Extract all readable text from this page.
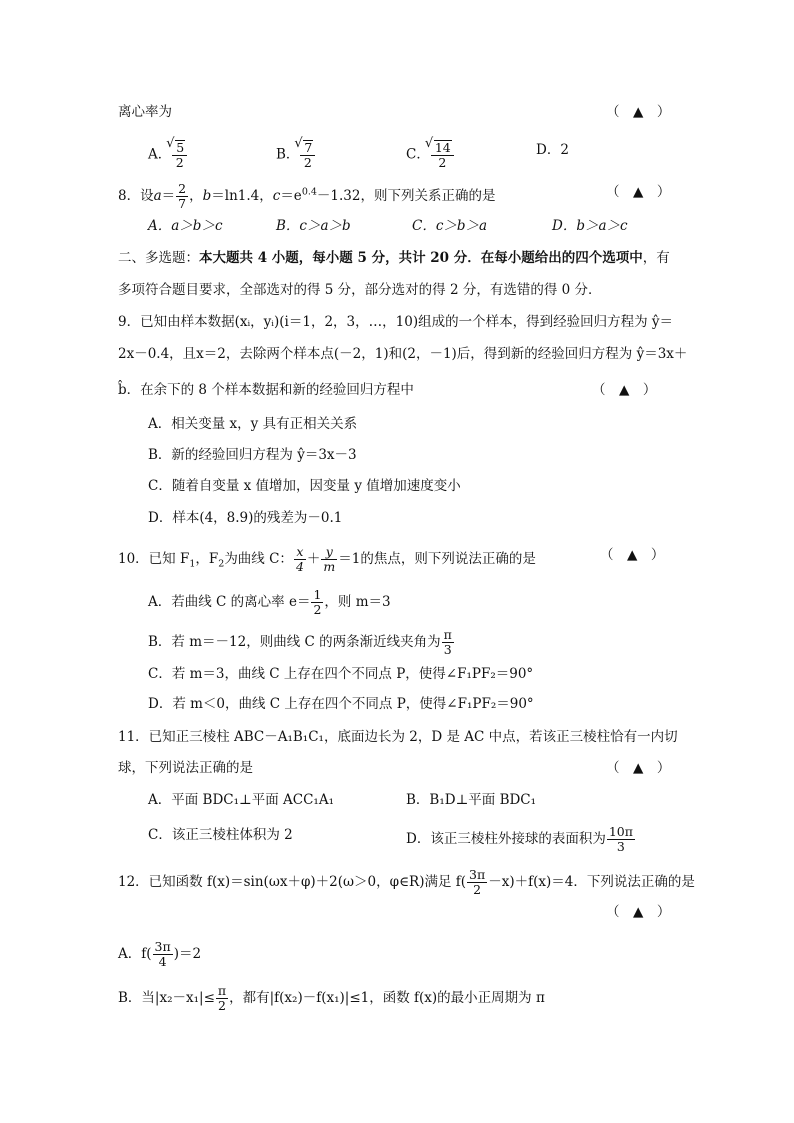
离心率为	（　▲　）
A． √ $\frac{5}{2}$	B． √ $\frac{7}{2}$	C． √ $\frac{14}{2}$	D．2
8．设$a= \frac{2}{7}$ ，b＝ln1.4，$c=e^{0.4}-1.32$，则下列关系正确的是	（　▲　）
A．a＞b＞c	B．c＞a＞b	C．c＞b＞a	D．b＞a＞c
二、多选题：本大题共 4 小题，每小题 5 分，共计 20 分．在每小题给出的四个选项中，有
多项符合题目要求，全部选对的得 5 分，部分选对的得 2 分，有选错的得 0 分．
9．已知由样本数据(xᵢ，yᵢ)(i＝1，2，3，…，10)组成的一个样本，得到经验回归方程为 ŷ＝
2x－0.4，且x＝2，去除两个样本点(－2，1)和(2，－1)后，得到新的经验回归方程为 ŷ＝3x＋
b̂．在余下的 8 个样本数据和新的经验回归方程中	（　▲　）
A．相关变量 x，y 具有正相关关系
B．新的经验回归方程为 ŷ＝3x－3
C．随着自变量 x 值增加，因变量 y 值增加速度变小
D．样本(4，8.9)的残差为－0.1
10．已知 $F_1$，$F_2$为曲线 C： $\frac{x}{4} + \frac{y}{m} =1$的焦点，则下列说法正确的是	（　▲　）
A．若曲线 C 的离心率 $e= \frac{1}{2}$ ，则 m＝3
B．若 m＝－12，则曲线 C 的两条渐近线夹角为 $\frac{\pi}{3}$
C．若 m＝3，曲线 C 上存在四个不同点 P，使得∠F₁PF₂＝90°
D．若 m＜0，曲线 C 上存在四个不同点 P，使得∠F₁PF₂＝90°
11．已知正三棱柱 ABC－A₁B₁C₁，底面边长为 2，D 是 AC 中点，若该正三棱柱恰有一内切
球，下列说法正确的是	（　▲　）
A．平面 BDC₁⊥平面 ACC₁A₁	B．B₁D⊥平面 BDC₁
C．该正三棱柱体积为 2	D．该正三棱柱外接球的表面积为 $\frac{10\pi}{3}$
12．已知函数 f(x)＝sin(ωx＋φ)＋2(ω＞0，φ∈R)满足 $f( \frac{3\pi}{2} -x)+f(x)=4$．下列说法正确的是
（　▲　）
A．$f( \frac{3\pi}{4} )=2$
B．当$|x_2-x_1|\le \frac{\pi}{2}$ ，都有|f(x₂)－f(x₁)|≤1，函数 f(x)的最小正周期为 π
